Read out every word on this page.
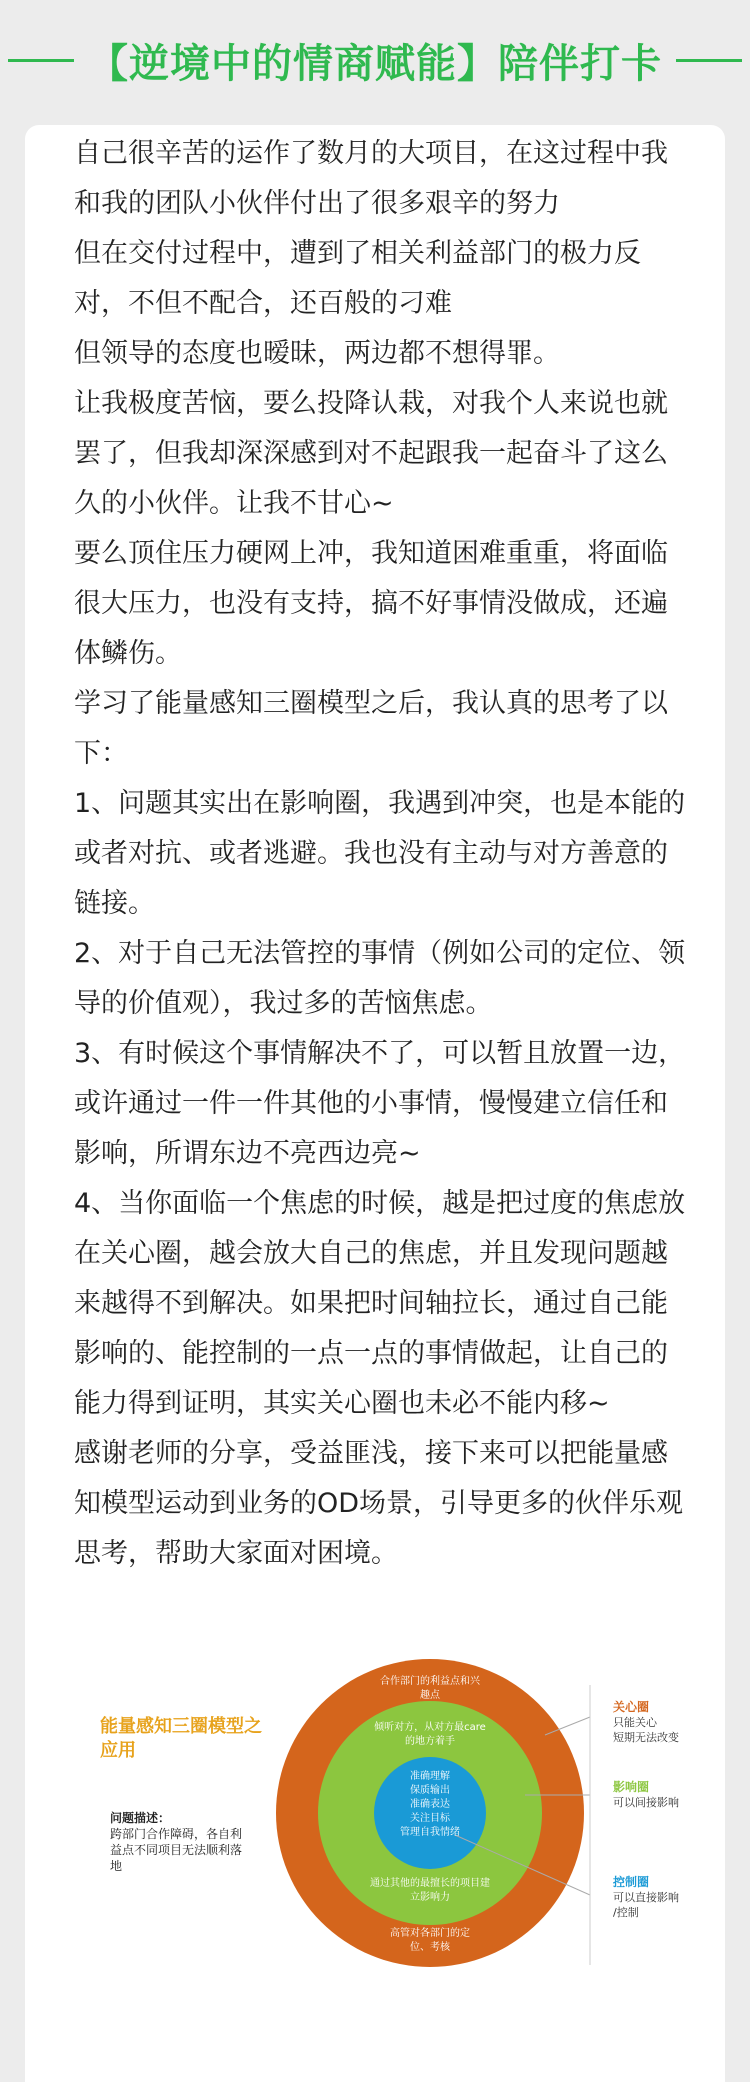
【逆境中的情商赋能】陪伴打卡

自己很辛苦的运作了数月的大项目，在这过程中我和我的团队小伙伴付出了很多艰辛的努力

但在交付过程中，遭到了相关利益部门的极力反对，不但不配合，还百般的刁难

但领导的态度也暧昧，两边都不想得罪。

让我极度苦恼，要么投降认栽，对我个人来说也就罢了，但我却深深感到对不起跟我一起奋斗了这么久的小伙伴。让我不甘心~

要么顶住压力硬网上冲，我知道困难重重，将面临很大压力，也没有支持，搞不好事情没做成，还遍体鳞伤。

学习了能量感知三圈模型之后，我认真的思考了以下：

1、问题其实出在影响圈，我遇到冲突，也是本能的或者对抗、或者逃避。我也没有主动与对方善意的链接。

2、对于自己无法管控的事情（例如公司的定位、领导的价值观），我过多的苦恼焦虑。

3、有时候这个事情解决不了，可以暂且放置一边，或许通过一件一件其他的小事情，慢慢建立信任和影响，所谓东边不亮西边亮~

4、当你面临一个焦虑的时候，越是把过度的焦虑放在关心圈，越会放大自己的焦虑，并且发现问题越来越得不到解决。如果把时间轴拉长，通过自己能影响的、能控制的一点一点的事情做起，让自己的能力得到证明，其实关心圈也未必不能内移~

感谢老师的分享，受益匪浅，接下来可以把能量感知模型运动到业务的OD场景，引导更多的伙伴乐观思考，帮助大家面对困境。

能量感知三圈模型之应用
问题描述：
跨部门合作障碍，各自利益点不同项目无法顺利落地
合作部门的利益点和兴趣点
倾听对方，从对方最care的地方着手
准确理解
保质输出
准确表达
关注目标
管理自我情绪
通过其他的最擅长的项目建立影响力
高管对各部门的定位、考核
关心圈
只能关心
短期无法改变
影响圈
可以间接影响
控制圈
可以直接影响
/控制
